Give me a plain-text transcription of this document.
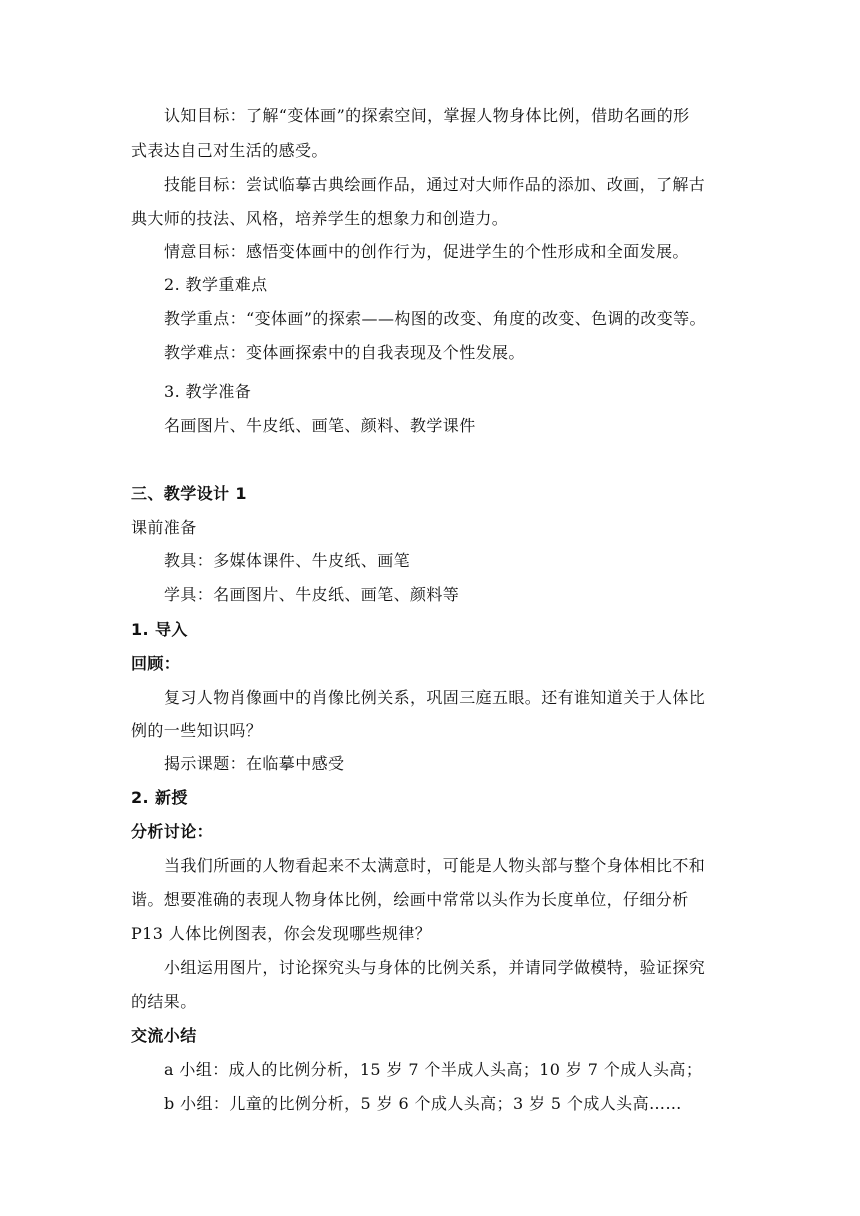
认知目标：了解“变体画”的探索空间，掌握人物身体比例，借助名画的形
式表达自己对生活的感受。
技能目标：尝试临摹古典绘画作品，通过对大师作品的添加、改画，了解古
典大师的技法、风格，培养学生的想象力和创造力。
情意目标：感悟变体画中的创作行为，促进学生的个性形成和全面发展。
2. 教学重难点
教学重点：“变体画”的探索——构图的改变、角度的改变、色调的改变等。
教学难点：变体画探索中的自我表现及个性发展。
3. 教学准备
名画图片、牛皮纸、画笔、颜料、教学课件
三、教学设计 1
课前准备
教具：多媒体课件、牛皮纸、画笔
学具：名画图片、牛皮纸、画笔、颜料等
1. 导入
回顾：
复习人物肖像画中的肖像比例关系，巩固三庭五眼。还有谁知道关于人体比
例的一些知识吗？
揭示课题：在临摹中感受
2. 新授
分析讨论：
当我们所画的人物看起来不太满意时，可能是人物头部与整个身体相比不和
谐。想要准确的表现人物身体比例，绘画中常常以头作为长度单位，仔细分析
P13 人体比例图表，你会发现哪些规律？
小组运用图片，讨论探究头与身体的比例关系，并请同学做模特，验证探究
的结果。
交流小结
a 小组：成人的比例分析，15 岁 7 个半成人头高；10 岁 7 个成人头高；
b 小组：儿童的比例分析，5 岁 6 个成人头高；3 岁 5 个成人头高……
